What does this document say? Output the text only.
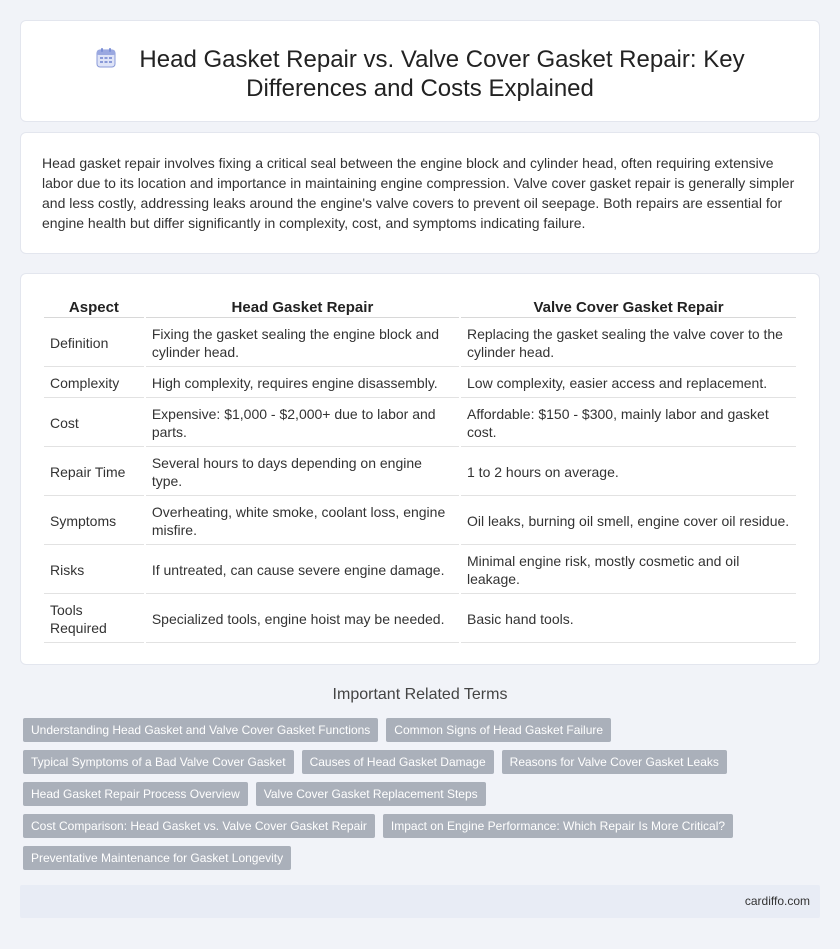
Head Gasket Repair vs. Valve Cover Gasket Repair: Key Differences and Costs Explained

Head gasket repair involves fixing a critical seal between the engine block and cylinder head, often requiring extensive labor due to its location and importance in maintaining engine compression. Valve cover gasket repair is generally simpler and less costly, addressing leaks around the engine's valve covers to prevent oil seepage. Both repairs are essential for engine health but differ significantly in complexity, cost, and symptoms indicating failure.

Aspect	Head Gasket Repair	Valve Cover Gasket Repair
Definition	Fixing the gasket sealing the engine block and cylinder head.	Replacing the gasket sealing the valve cover to the cylinder head.
Complexity	High complexity, requires engine disassembly.	Low complexity, easier access and replacement.
Cost	Expensive: $1,000 - $2,000+ due to labor and parts.	Affordable: $150 - $300, mainly labor and gasket cost.
Repair Time	Several hours to days depending on engine type.	1 to 2 hours on average.
Symptoms	Overheating, white smoke, coolant loss, engine misfire.	Oil leaks, burning oil smell, engine cover oil residue.
Risks	If untreated, can cause severe engine damage.	Minimal engine risk, mostly cosmetic and oil leakage.
Tools Required	Specialized tools, engine hoist may be needed.	Basic hand tools.
Important Related Terms
Understanding Head Gasket and Valve Cover Gasket Functions	Common Signs of Head Gasket Failure
Typical Symptoms of a Bad Valve Cover Gasket	Causes of Head Gasket Damage	Reasons for Valve Cover Gasket Leaks
Head Gasket Repair Process Overview	Valve Cover Gasket Replacement Steps
Cost Comparison: Head Gasket vs. Valve Cover Gasket Repair	Impact on Engine Performance: Which Repair Is More Critical?
Preventative Maintenance for Gasket Longevity
cardiffo.com
